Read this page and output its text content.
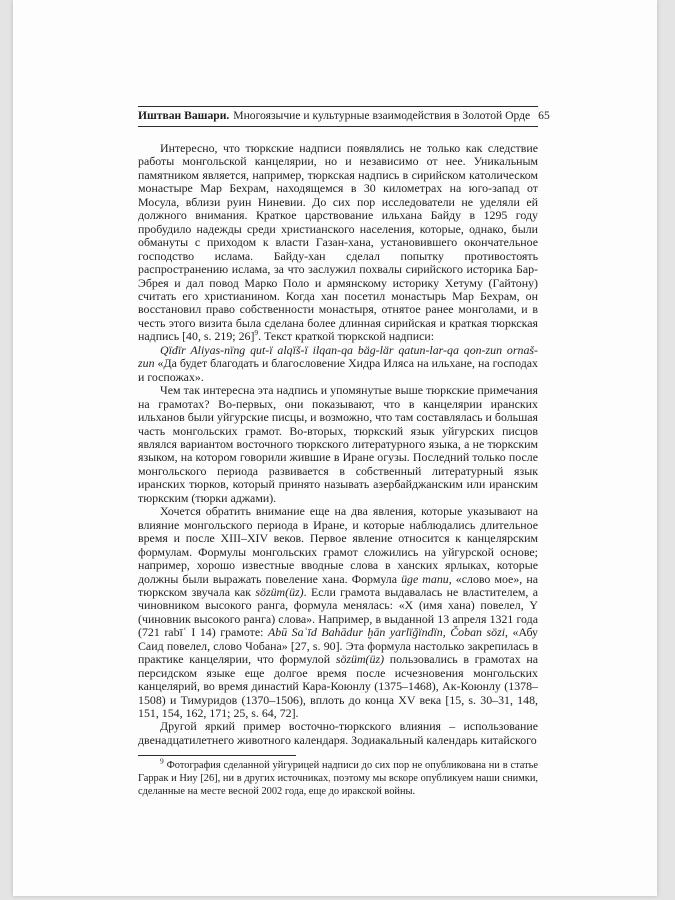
Иштван Вашари. Многоязычие и культурные взаимодействия в Золотой Орде 65

Интересно, что тюркские надписи появлялись не только как следствие работы монгольской канцелярии, но и независимо от нее. Уникальным памятником является, например, тюркская надпись в сирийском католическом монастыре Мар Бехрам, находящемся в 30 километрах на юго-запад от Мосула, вблизи руин Ниневии. До сих пор исследователи не уделяли ей должного внимания. Краткое царствование ильхана Байду в 1295 году пробудило надежды среди христианского населения, которые, однако, были обмануты с приходом к власти Газан-хана, установившего окончательное господство ислама. Байду-хан сделал попытку противостоять распространению ислама, за что заслужил похвалы сирийского историка Бар-Эбрея и дал повод Марко Поло и армянскому историку Хетуму (Гайтону) считать его христианином. Когда хан посетил монастырь Мар Бехрам, он восстановил право собственности монастыря, отнятое ранее монголами, и в честь этого визита была сделана более длинная сирийская и краткая тюркская надпись [40, s. 219; 26]$^9$. Текст краткой тюркской надписи:

Qïdïr Aliyas-nïng qut-ï alqïš-ï ilqan-qa bäg-lär qatun-lar-qa qon-zun ornaš-zun «Да будет благодать и благословение Хидра Иляса на ильхане, на господах и госпожах».

Чем так интересна эта надпись и упомянутые выше тюркские примечания на грамотах? Во-первых, они показывают, что в канцелярии иранских ильханов были уйгурские писцы, и возможно, что там составлялась и большая часть монгольских грамот. Во-вторых, тюркский язык уйгурских писцов являлся вариантом восточного тюркского литературного языка, а не тюркским языком, на котором говорили жившие в Иране огузы. Последний только после монгольского периода развивается в собственный литературный язык иранских тюрков, который принято называть азербайджанским или иранским тюркским (тюрки аджами).

Хочется обратить внимание еще на два явления, которые указывают на влияние монгольского периода в Иране, и которые наблюдались длительное время и после XIII–XIV веков. Первое явление относится к канцелярским формулам. Формулы монгольских грамот сложились на уйгурской основе; например, хорошо известные вводные слова в ханских ярлыках, которые должны были выражать повеление хана. Формула üge manu, «слово мое», на тюркском звучала как sözüm(üz). Если грамота выдавалась не властителем, а чиновником высокого ранга, формула менялась: «X (имя хана) повелел, Y (чиновник высокого ранга) слова». Например, в выданной 13 апреля 1321 года (721 rabīʿ I 14) грамоте: Abū Saʿīd Bahādur ḫān yarlïğïndïn, Čoban sözi, «Абу Саид повелел, слово Чобана» [27, s. 90]. Эта формула настолько закрепилась в практике канцелярии, что формулой sözüm(üz) пользовались в грамотах на персидском языке еще долгое время после исчезновения монгольских канцелярий, во время династий Кара-Коюнлу (1375–1468), Ак-Коюнлу (1378–1508) и Тимуридов (1370–1506), вплоть до конца XV века [15, s. 30–31, 148, 151, 154, 162, 171; 25, s. 64, 72].

Другой яркий пример восточно-тюркского влияния – использование двенадцатилетнего животного календаря. Зодиакальный календарь китайского

$^9$ Фотография сделанной уйгурицей надписи до сих пор не опубликована ни в статье Гаррак и Ниу [26], ни в других источниках, поэтому мы вскоре опубликуем наши снимки, сделанные на месте весной 2002 года, еще до иракской войны.
